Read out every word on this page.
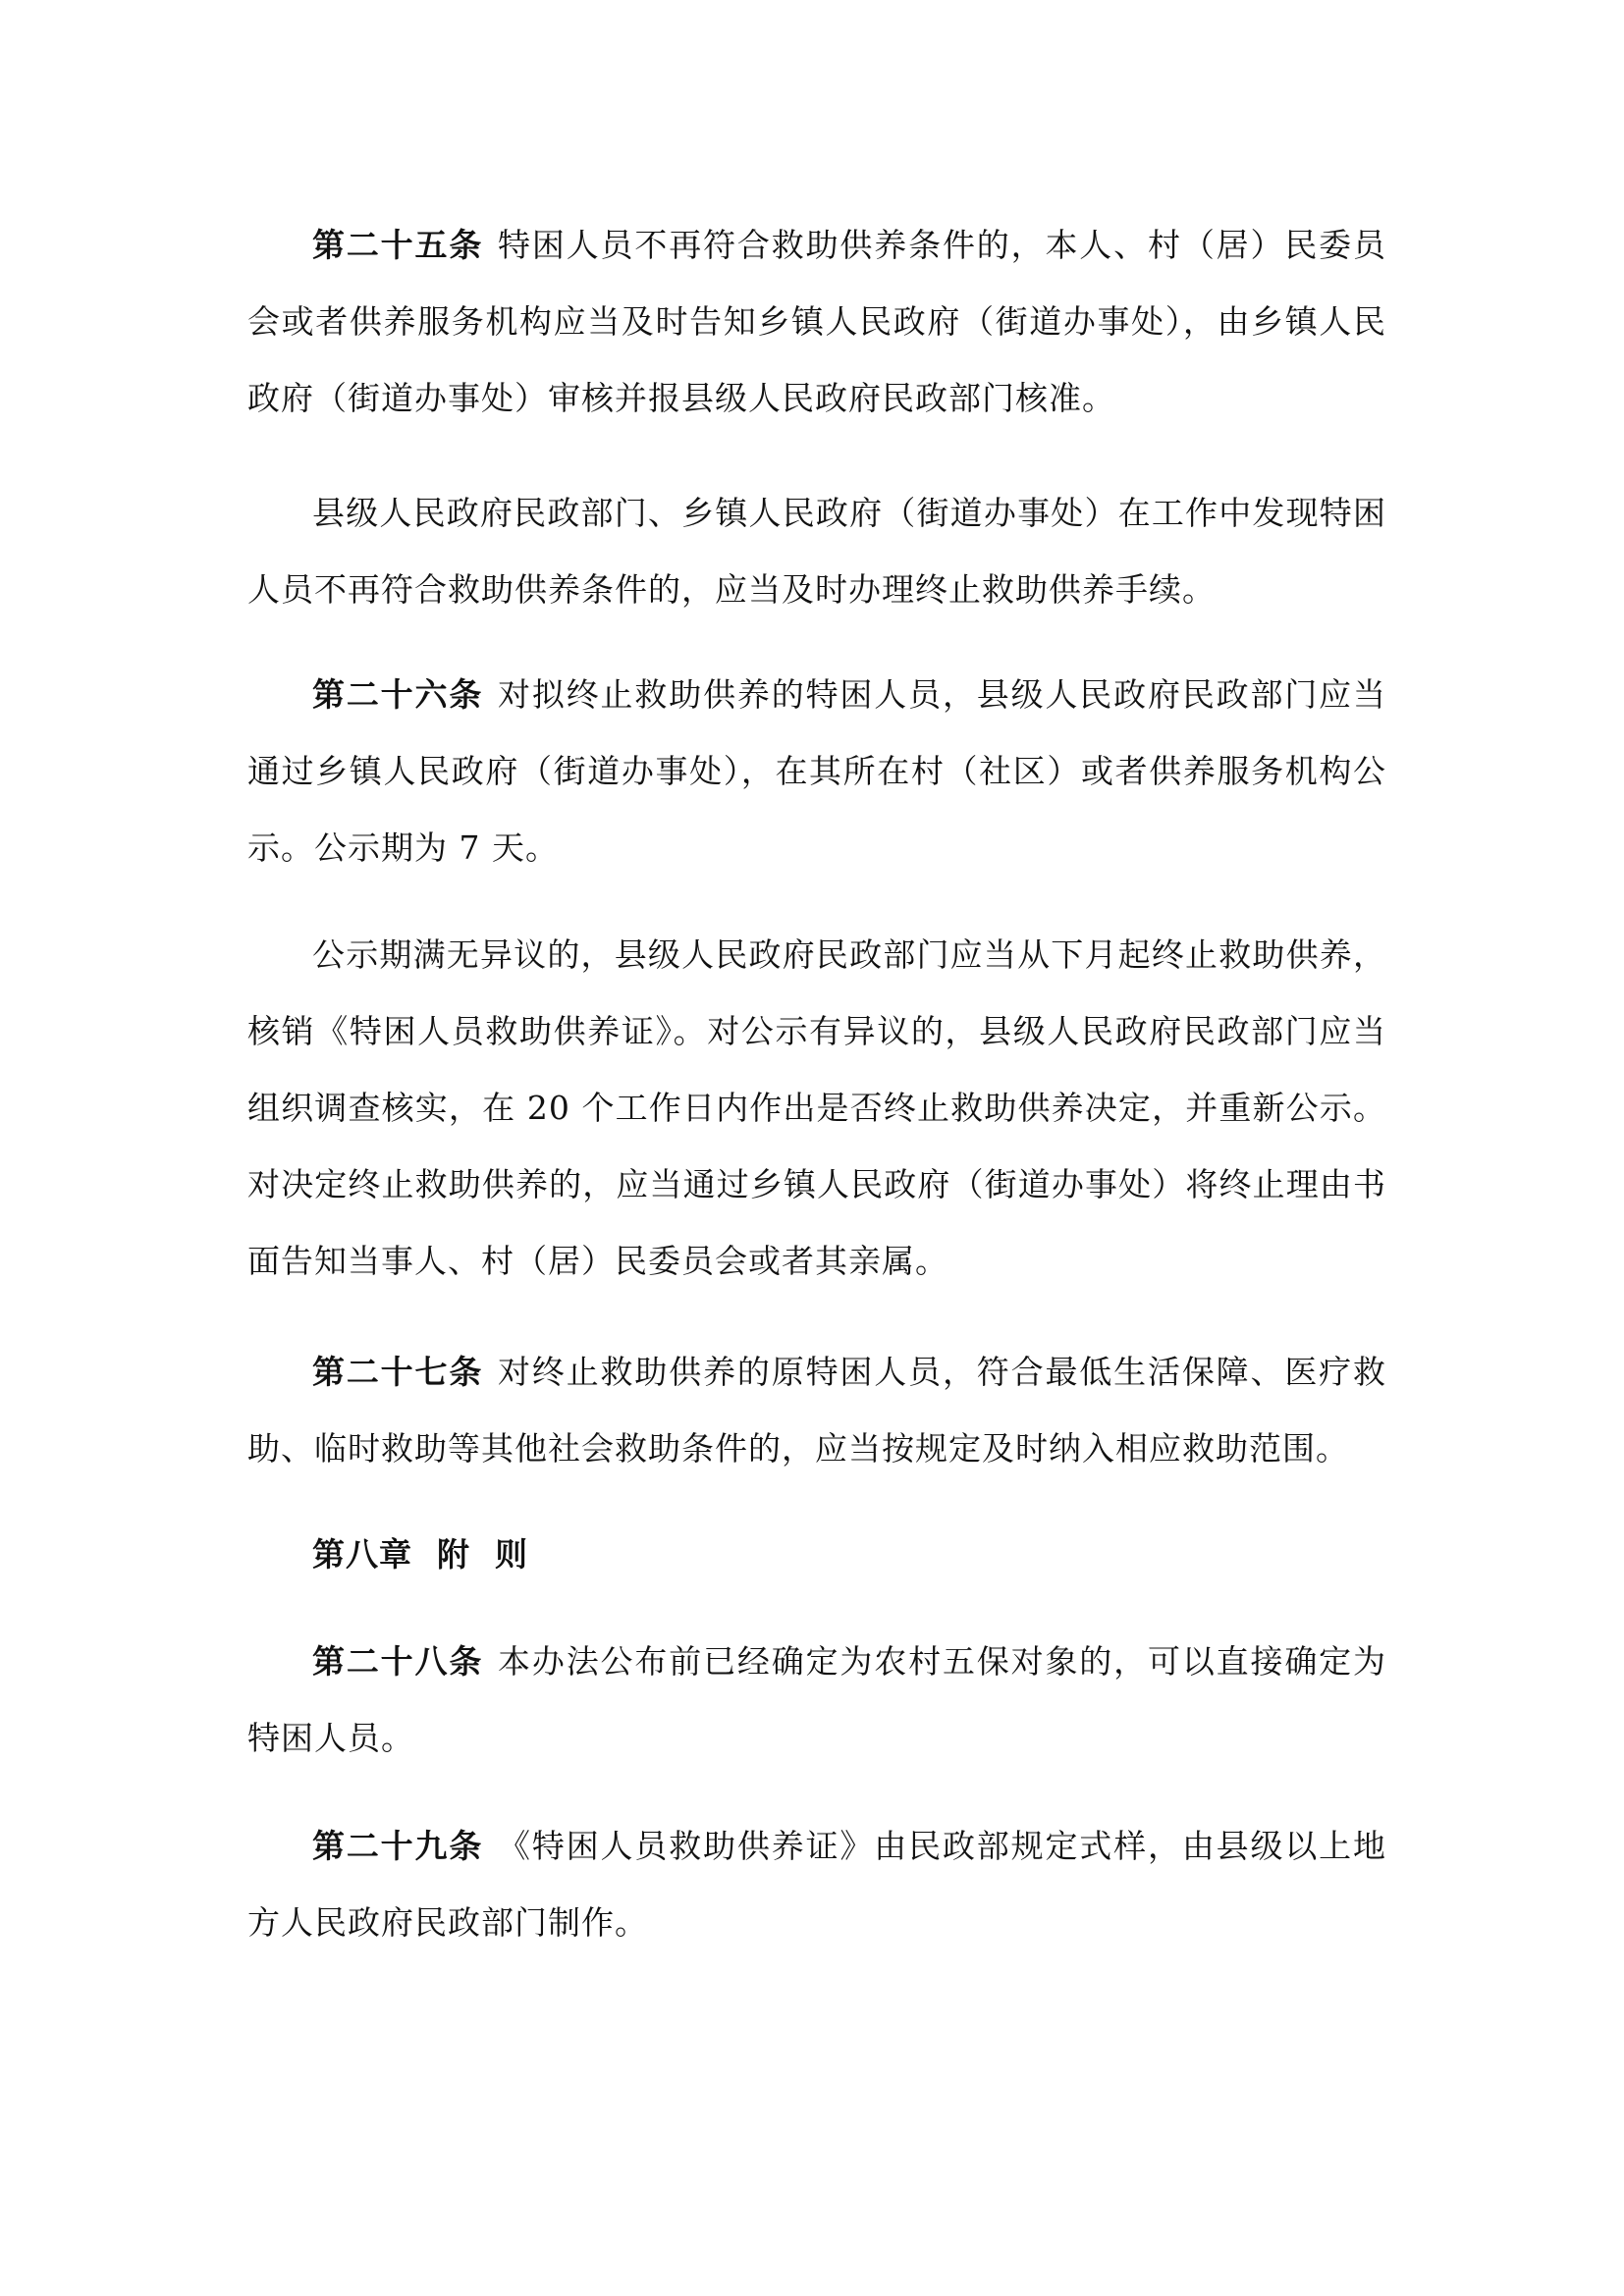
第二十五条 特困人员不再符合救助供养条件的，本人、村（居）民委员会或者供养服务机构应当及时告知乡镇人民政府（街道办事处），由乡镇人民政府（街道办事处）审核并报县级人民政府民政部门核准。

县级人民政府民政部门、乡镇人民政府（街道办事处）在工作中发现特困人员不再符合救助供养条件的，应当及时办理终止救助供养手续。

第二十六条 对拟终止救助供养的特困人员，县级人民政府民政部门应当通过乡镇人民政府（街道办事处），在其所在村（社区）或者供养服务机构公示。公示期为 7 天。

公示期满无异议的，县级人民政府民政部门应当从下月起终止救助供养，核销《特困人员救助供养证》。对公示有异议的，县级人民政府民政部门应当组织调查核实，在 20 个工作日内作出是否终止救助供养决定，并重新公示。对决定终止救助供养的，应当通过乡镇人民政府（街道办事处）将终止理由书面告知当事人、村（居）民委员会或者其亲属。

第二十七条 对终止救助供养的原特困人员，符合最低生活保障、医疗救助、临时救助等其他社会救助条件的，应当按规定及时纳入相应救助范围。

第八章  附  则

第二十八条 本办法公布前已经确定为农村五保对象的，可以直接确定为特困人员。

第二十九条 《特困人员救助供养证》由民政部规定式样，由县级以上地方人民政府民政部门制作。
